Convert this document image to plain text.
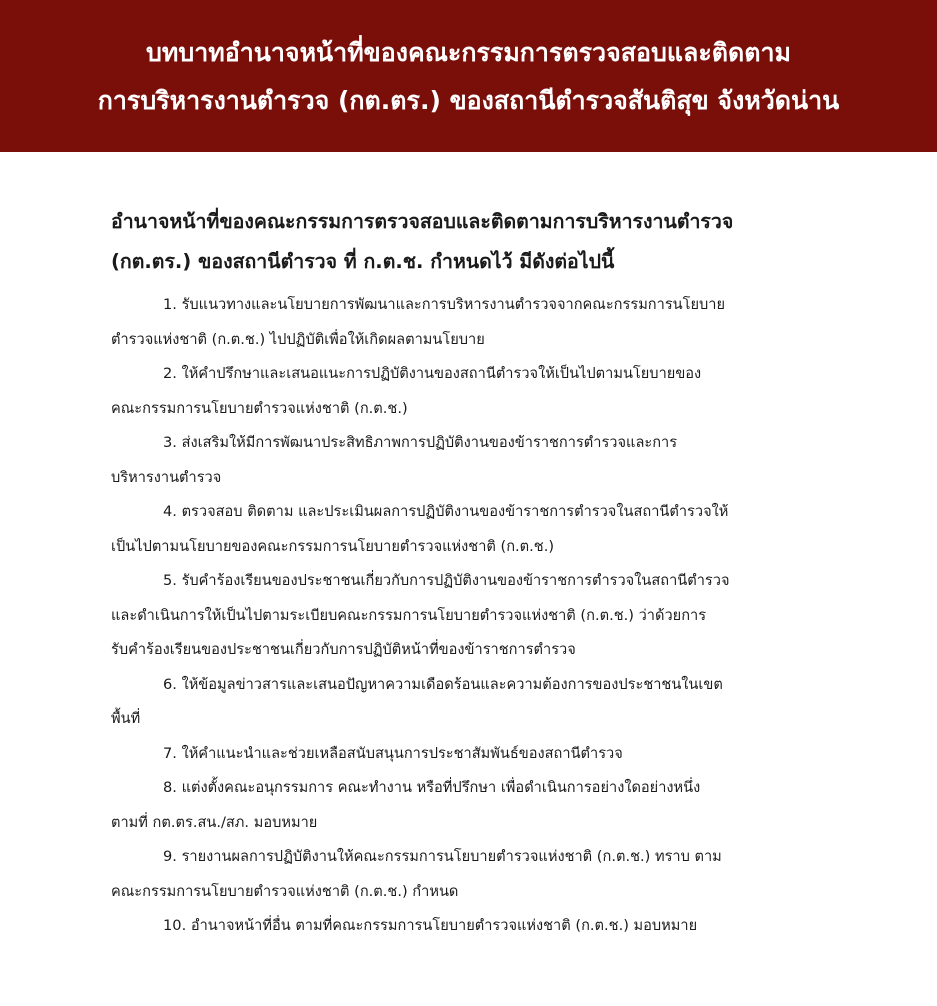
บทบาทอำนาจหน้าที่ของคณะกรรมการตรวจสอบและติดตาม
การบริหารงานตำรวจ (กต.ตร.) ของสถานีตำรวจสันติสุข จังหวัดน่าน
อำนาจหน้าที่ของคณะกรรมการตรวจสอบและติดตามการบริหารงานตำรวจ
(กต.ตร.) ของสถานีตำรวจ ที่ ก.ต.ช. กำหนดไว้ มีดังต่อไปนี้
1. รับแนวทางและนโยบายการพัฒนาและการบริหารงานตำรวจจากคณะกรรมการนโยบาย
ตำรวจแห่งชาติ (ก.ต.ช.) ไปปฏิบัติเพื่อให้เกิดผลตามนโยบาย
2. ให้คำปรึกษาและเสนอแนะการปฏิบัติงานของสถานีตำรวจให้เป็นไปตามนโยบายของ
คณะกรรมการนโยบายตำรวจแห่งชาติ (ก.ต.ช.)
3. ส่งเสริมให้มีการพัฒนาประสิทธิภาพการปฏิบัติงานของข้าราชการตำรวจและการ
บริหารงานตำรวจ
4. ตรวจสอบ ติดตาม และประเมินผลการปฏิบัติงานของข้าราชการตำรวจในสถานีตำรวจให้
เป็นไปตามนโยบายของคณะกรรมการนโยบายตำรวจแห่งชาติ (ก.ต.ช.)
5. รับคำร้องเรียนของประชาชนเกี่ยวกับการปฏิบัติงานของข้าราชการตำรวจในสถานีตำรวจ
และดำเนินการให้เป็นไปตามระเบียบคณะกรรมการนโยบายตำรวจแห่งชาติ (ก.ต.ช.) ว่าด้วยการ
รับคำร้องเรียนของประชาชนเกี่ยวกับการปฏิบัติหน้าที่ของข้าราชการตำรวจ
6. ให้ข้อมูลข่าวสารและเสนอปัญหาความเดือดร้อนและความต้องการของประชาชนในเขต
พื้นที่
7. ให้คำแนะนำและช่วยเหลือสนับสนุนการประชาสัมพันธ์ของสถานีตำรวจ
8. แต่งตั้งคณะอนุกรรมการ คณะทำงาน หรือที่ปรึกษา เพื่อดำเนินการอย่างใดอย่างหนึ่ง
ตามที่ กต.ตร.สน./สภ. มอบหมาย
9. รายงานผลการปฏิบัติงานให้คณะกรรมการนโยบายตำรวจแห่งชาติ (ก.ต.ช.) ทราบ ตาม
คณะกรรมการนโยบายตำรวจแห่งชาติ (ก.ต.ช.) กำหนด
10. อำนาจหน้าที่อื่น ตามที่คณะกรรมการนโยบายตำรวจแห่งชาติ (ก.ต.ช.) มอบหมาย
